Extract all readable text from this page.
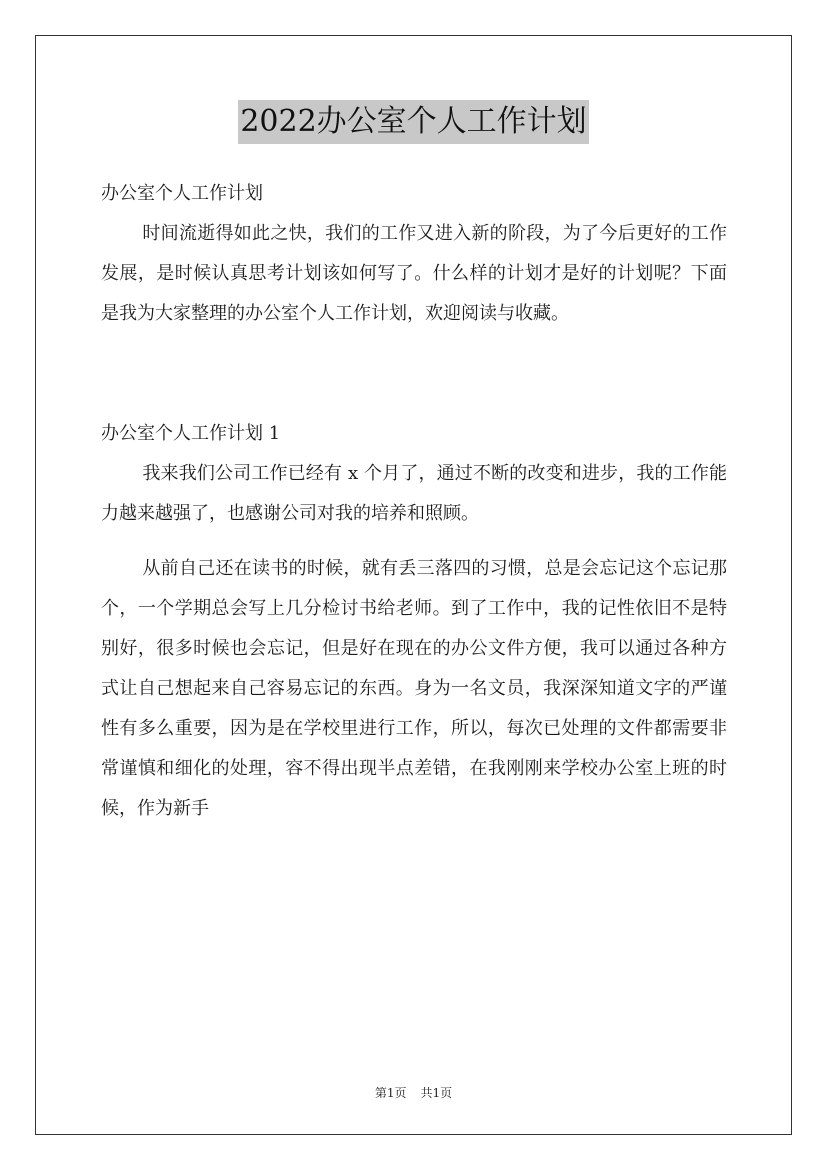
2022办公室个人工作计划

办公室个人工作计划

时间流逝得如此之快，我们的工作又进入新的阶段，为了今后更好的工作发展，是时候认真思考计划该如何写了。什么样的计划才是好的计划呢？下面是我为大家整理的办公室个人工作计划，欢迎阅读与收藏。

办公室个人工作计划 1

我来我们公司工作已经有 x 个月了，通过不断的改变和进步，我的工作能力越来越强了，也感谢公司对我的培养和照顾。

从前自己还在读书的时候，就有丢三落四的习惯，总是会忘记这个忘记那个，一个学期总会写上几分检讨书给老师。到了工作中，我的记性依旧不是特别好，很多时候也会忘记，但是好在现在的办公文件方便，我可以通过各种方式让自己想起来自己容易忘记的东西。身为一名文员，我深深知道文字的严谨性有多么重要，因为是在学校里进行工作，所以，每次已处理的文件都需要非常谨慎和细化的处理，容不得出现半点差错，在我刚刚来学校办公室上班的时候，作为新手

第1页 共1页
